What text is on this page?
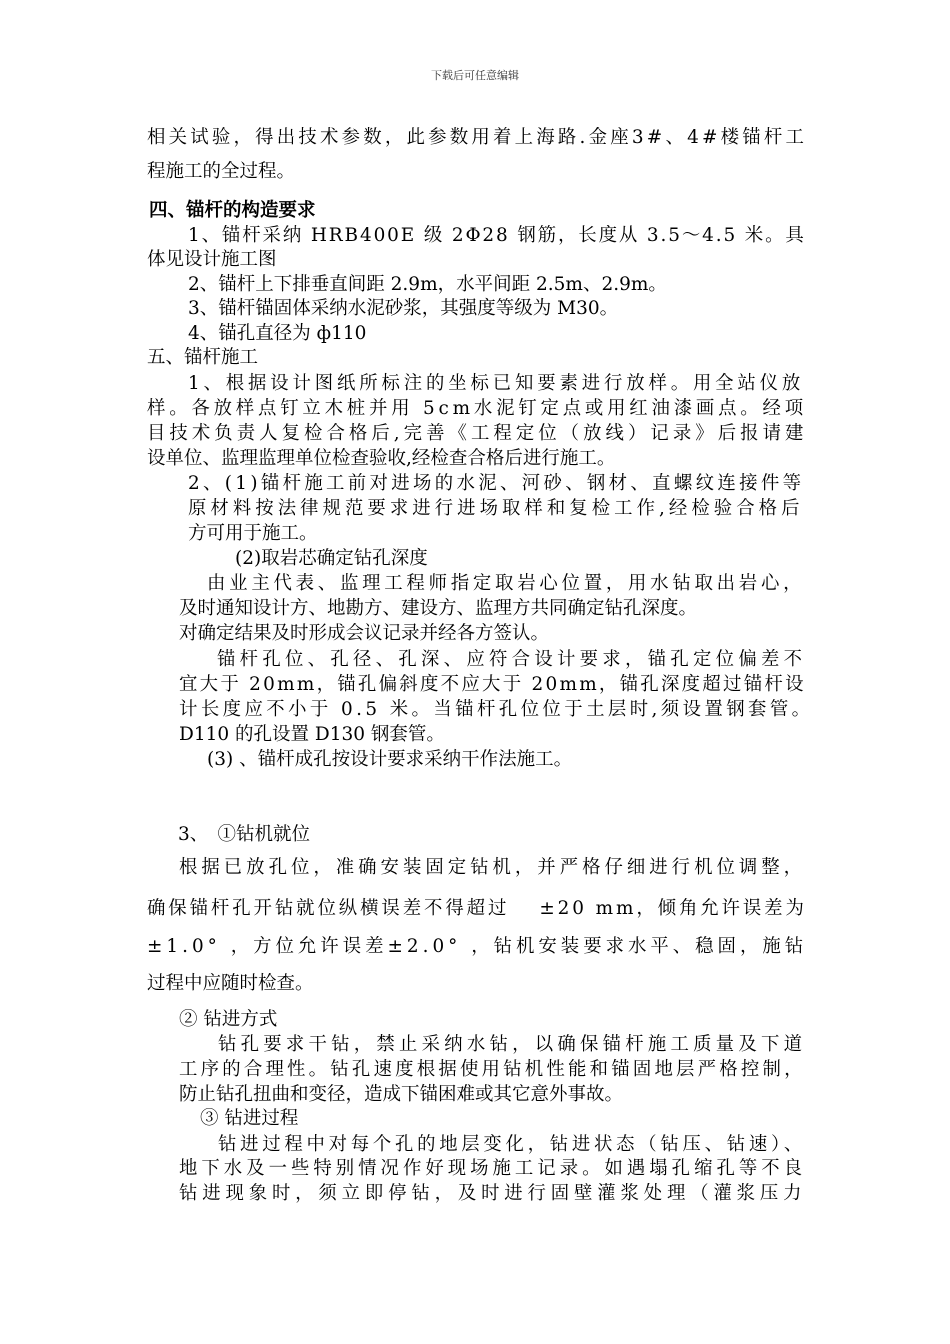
下载后可任意编辑
相关试验，得出技术参数，此参数用着上海路.金座3#、4#楼锚杆工
程施工的全过程。
四、锚杆的构造要求
1、锚杆采纳 HRB400E 级 2Φ28 钢筋，长度从 3.5～4.5 米。具
体见设计施工图
2、锚杆上下排垂直间距 2.9m，水平间距 2.5m、2.9m。
3、锚杆锚固体采纳水泥砂浆，其强度等级为 M30。
4、锚孔直径为 ф110
五、锚杆施工
1、根据设计图纸所标注的坐标已知要素进行放样。用全站仪放
样。各放样点钉立木桩并用 5cm水泥钉定点或用红油漆画点。经项
目技术负责人复检合格后,完善《工程定位（放线）记录》后报请建
设单位、监理监理单位检查验收,经检查合格后进行施工。
2、(1)锚杆施工前对进场的水泥、河砂、钢材、直螺纹连接件等
原材料按法律规范要求进行进场取样和复检工作,经检验合格后
方可用于施工。
(2)取岩芯确定钻孔深度
由业主代表、监理工程师指定取岩心位置，用水钻取出岩心，
及时通知设计方、地勘方、建设方、监理方共同确定钻孔深度。
对确定结果及时形成会议记录并经各方签认。
锚杆孔位、孔径、孔深、应符合设计要求，锚孔定位偏差不
宜大于 20mm，锚孔偏斜度不应大于 20mm，锚孔深度超过锚杆设
计长度应不小于 0.5 米。当锚杆孔位位于土层时,须设置钢套管。
D110 的孔设置 D130 钢套管。
(3) 、锚杆成孔按设计要求采纳干作法施工。
3、　①钻机就位
根据已放孔位，准确安装固定钻机，并严格仔细进行机位调整，
确保锚杆孔开钻就位纵横误差不得超过　 ±20 mm，倾角允许误差为
±1.0° ，方位允许误差±2.0° ，钻机安装要求水平、稳固，施钻
过程中应随时检查。
② 钻进方式
钻孔要求干钻，禁止采纳水钻，以确保锚杆施工质量及下道
工序的合理性。钻孔速度根据使用钻机性能和锚固地层严格控制，
防止钻孔扭曲和变径，造成下锚困难或其它意外事故。
③ 钻进过程
钻进过程中对每个孔的地层变化，钻进状态（钻压、钻速）、
地下水及一些特别情况作好现场施工记录。如遇塌孔缩孔等不良
钻进现象时，须立即停钻，及时进行固壁灌浆处理（灌浆压力
